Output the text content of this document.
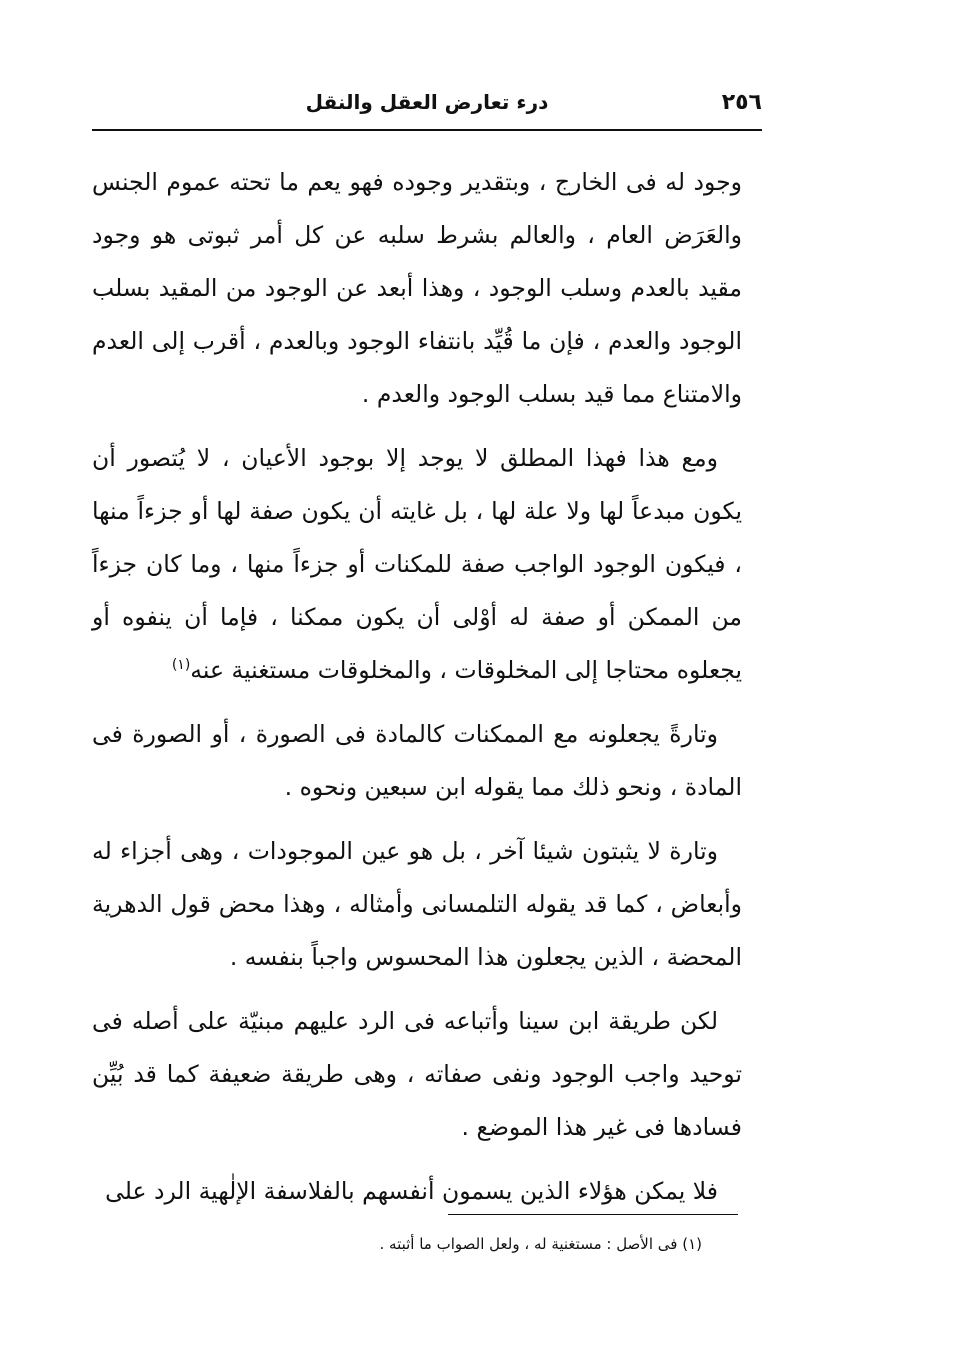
٢٥٦
درء تعارض العقل والنقل

وجود له فى الخارج ، وبتقدير وجوده فهو يعم ما تحته عموم الجنس والعَرَض العام ، والعالم بشرط سلبه عن كل أمر ثبوتى هو وجود مقيد بالعدم وسلب الوجود ، وهذا أبعد عن الوجود من المقيد بسلب الوجود والعدم ، فإن ما قُيِّد بانتفاء الوجود وبالعدم ، أقرب إلى العدم والامتناع مما قيد بسلب الوجود والعدم .

ومع هذا فهذا المطلق لا يوجد إلا بوجود الأعيان ، لا يُتصور أن يكون مبدعاً لها ولا علة لها ، بل غايته أن يكون صفة لها أو جزءاً منها ، فيكون الوجود الواجب صفة للمكنات أو جزءاً منها ، وما كان جزءاً من الممكن أو صفة له أوْلى أن يكون ممكنا ، فإما أن ينفوه أو يجعلوه محتاجا إلى المخلوقات ، والمخلوقات مستغنية عنه$^{(١)}$

وتارةً يجعلونه مع الممكنات كالمادة فى الصورة ، أو الصورة فى المادة ، ونحو ذلك مما يقوله ابن سبعين ونحوه .

وتارة لا يثبتون شيئا آخر ، بل هو عين الموجودات ، وهى أجزاء له وأبعاض ، كما قد يقوله التلمسانى وأمثاله ، وهذا محض قول الدهرية المحضة ، الذين يجعلون هذا المحسوس واجباً بنفسه .

لكن طريقة ابن سينا وأتباعه فى الرد عليهم مبنيّة على أصله فى توحيد واجب الوجود ونفى صفاته ، وهى طريقة ضعيفة كما قد بُيِّن فسادها فى غير هذا الموضع .

فلا يمكن هؤلاء الذين يسمون أنفسهم بالفلاسفة الإلٰهية الرد على

(١) فى الأصل : مستغنية له ، ولعل الصواب ما أثبته .
